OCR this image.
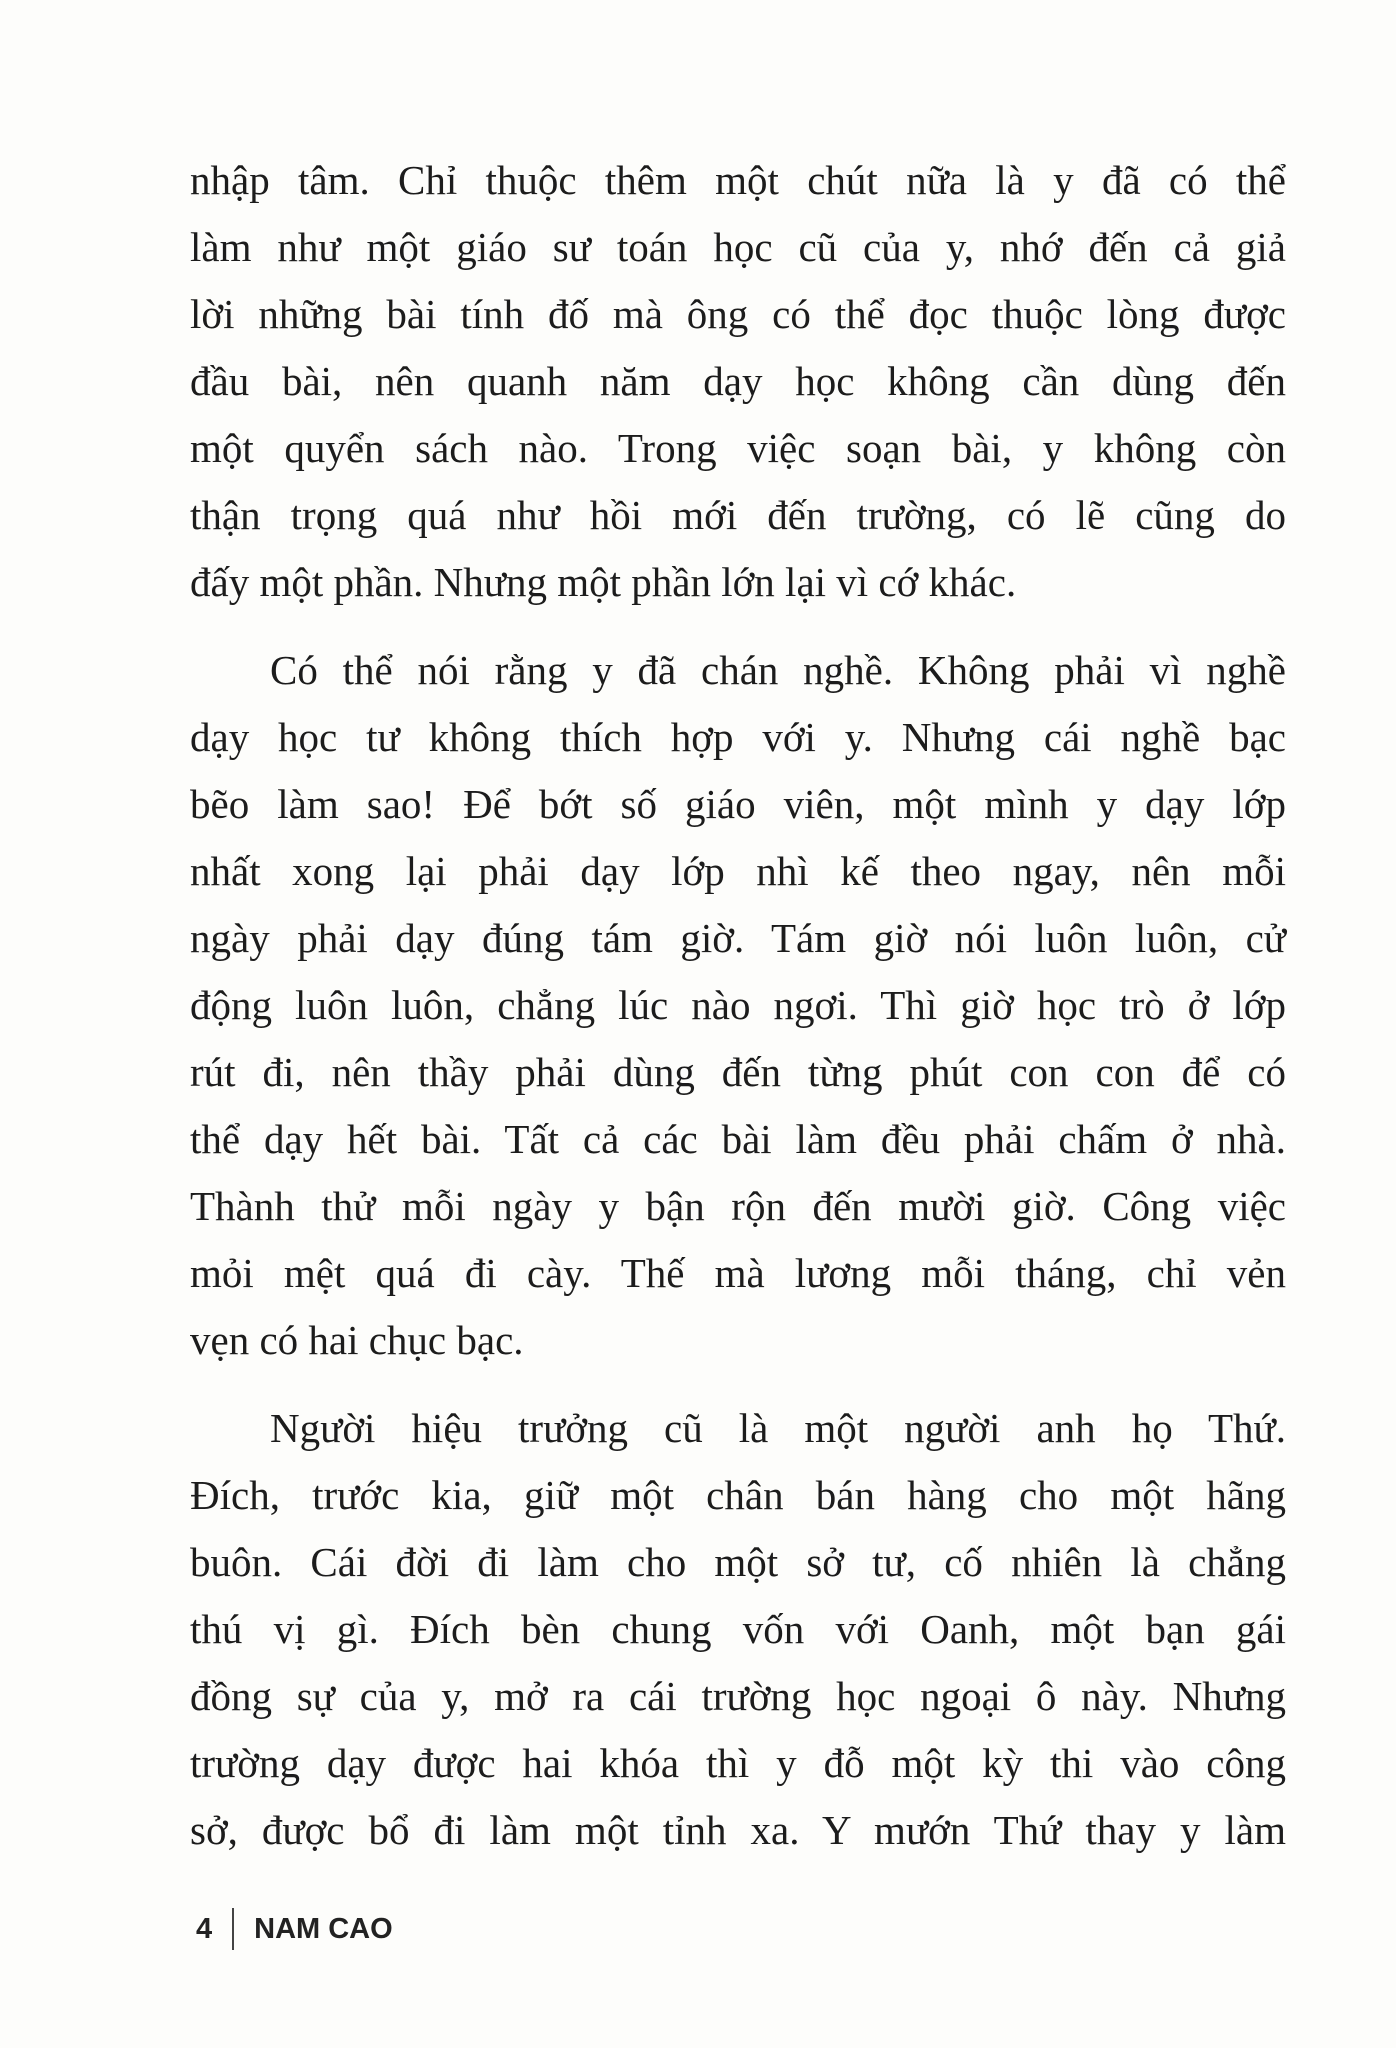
nhập tâm. Chỉ thuộc thêm một chút nữa là y đã có thể
làm như một giáo sư toán học cũ của y, nhớ đến cả giả
lời những bài tính đố mà ông có thể đọc thuộc lòng được
đầu bài, nên quanh năm dạy học không cần dùng đến
một quyển sách nào. Trong việc soạn bài, y không còn
thận trọng quá như hồi mới đến trường, có lẽ cũng do
đấy một phần. Nhưng một phần lớn lại vì cớ khác.
Có thể nói rằng y đã chán nghề. Không phải vì nghề
dạy học tư không thích hợp với y. Nhưng cái nghề bạc
bẽo làm sao! Để bớt số giáo viên, một mình y dạy lớp
nhất xong lại phải dạy lớp nhì kế theo ngay, nên mỗi
ngày phải dạy đúng tám giờ. Tám giờ nói luôn luôn, cử
động luôn luôn, chẳng lúc nào ngơi. Thì giờ học trò ở lớp
rút đi, nên thầy phải dùng đến từng phút con con để có
thể dạy hết bài. Tất cả các bài làm đều phải chấm ở nhà.
Thành thử mỗi ngày y bận rộn đến mười giờ. Công việc
mỏi mệt quá đi cày. Thế mà lương mỗi tháng, chỉ vẻn
vẹn có hai chục bạc.
Người hiệu trưởng cũ là một người anh họ Thứ.
Đích, trước kia, giữ một chân bán hàng cho một hãng
buôn. Cái đời đi làm cho một sở tư, cố nhiên là chẳng
thú vị gì. Đích bèn chung vốn với Oanh, một bạn gái
đồng sự của y, mở ra cái trường học ngoại ô này. Nhưng
trường dạy được hai khóa thì y đỗ một kỳ thi vào công
sở, được bổ đi làm một tỉnh xa. Y mướn Thứ thay y làm
4 NAM CAO
